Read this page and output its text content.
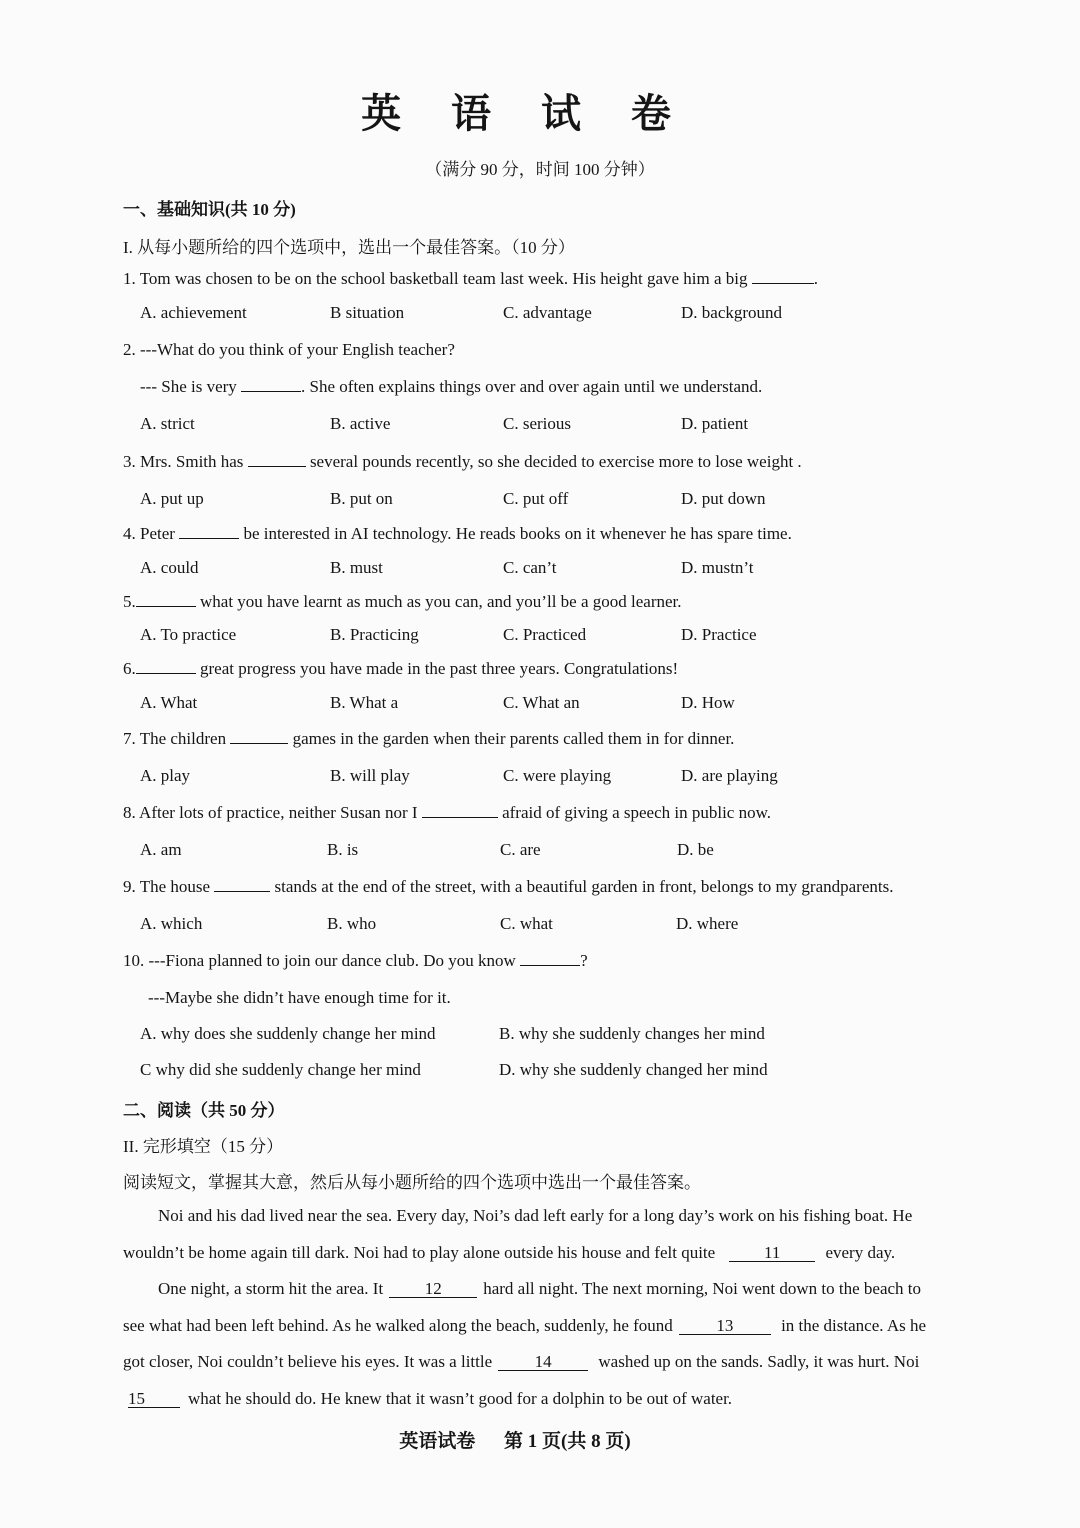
英 语 试 卷
（满分 90 分，时间 100 分钟）
一、基础知识(共 10 分)
I. 从每小题所给的四个选项中，选出一个最佳答案。（10 分）
1. Tom was chosen to be on the school basketball team last week. His height gave him a big	.
A. achievement	B situation	C. advantage	D. background
2. ---What do you think of your English teacher?
--- She is very	. She often explains things over and over again until we understand.
A. strict	B. active	C. serious	D. patient
3. Mrs. Smith has	several pounds recently, so she decided to exercise more to lose weight .
A. put up	B. put on	C. put off	D. put down
4. Peter	be interested in AI technology. He reads books on it whenever he has spare time.
A. could	B. must	C. can’t	D. mustn’t
5.	what you have learnt as much as you can, and you’ll be a good learner.
A. To practice	B. Practicing	C. Practiced	D. Practice
6.	great progress you have made in the past three years. Congratulations!
A. What	B. What a	C. What an	D. How
7. The children	games in the garden when their parents called them in for dinner.
A. play	B. will play	C. were playing	D. are playing
8. After lots of practice, neither Susan nor I	afraid of giving a speech in public now.
A. am	B. is	C. are	D. be
9. The house	stands at the end of the street, with a beautiful garden in front, belongs to my grandparents.
A. which	B. who	C. what	D. where
10. ---Fiona planned to join our dance club. Do you know	?
---Maybe she didn’t have enough time for it.
A. why does she suddenly change her mind	B. why she suddenly changes her mind
C why did she suddenly change her mind	D. why she suddenly changed her mind
二、阅读（共 50 分）
II. 完形填空（15 分）
阅读短文，掌握其大意，然后从每小题所给的四个选项中选出一个最佳答案。
Noi and his dad lived near the sea. Every day, Noi’s dad left early for a long day’s work on his fishing boat. He
wouldn’t be home again till dark. Noi had to play alone outside his house and felt quite	11	every day.
One night, a storm hit the area. It 12 hard all night. The next morning, Noi went down to the beach to
see what had been left behind. As he walked along the beach, suddenly, he found	13	in the distance. As he
got closer, Noi couldn’t believe his eyes. It was a little	14	washed up on the sands. Sadly, it was hurt. Noi
15	what he should do. He knew that it wasn’t good for a dolphin to be out of water.
英语试卷 第 1 页(共 8 页)
